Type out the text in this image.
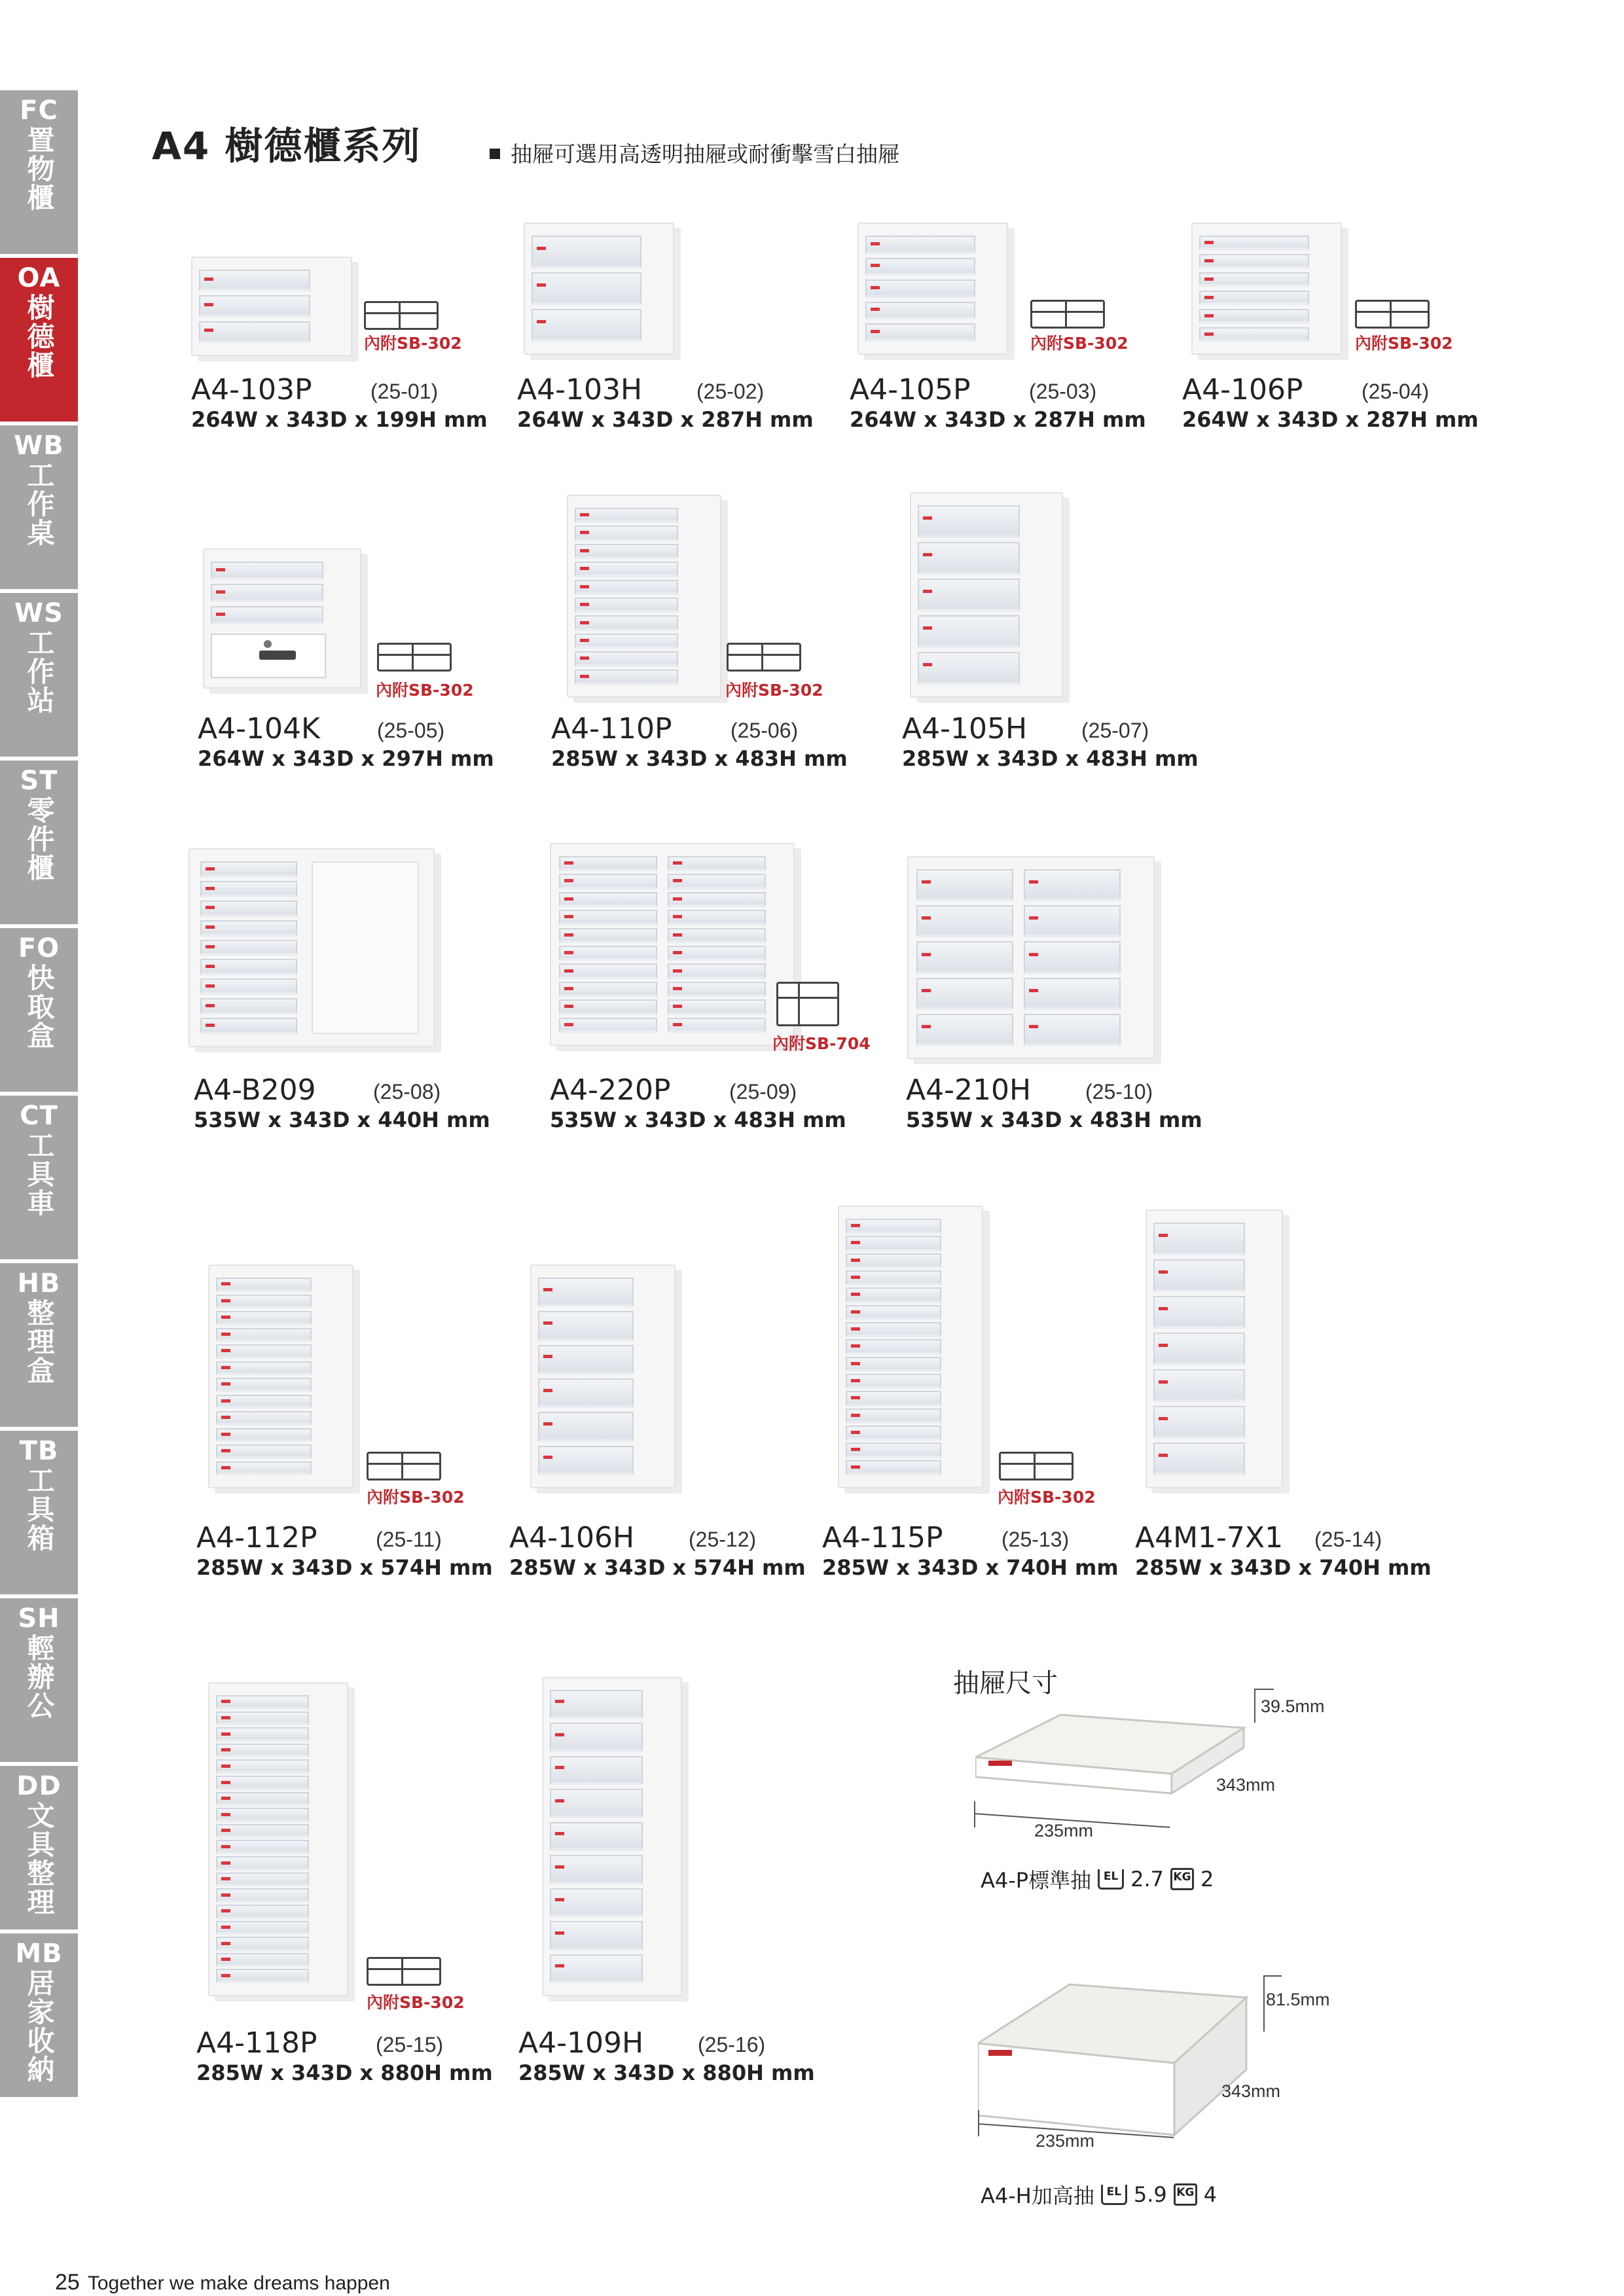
FC
置物櫃
OA
樹德櫃
WB
工作桌
WS
工作站
ST
零件櫃
FO
快取盒
CT
工具車
HB
整理盒
TB
工具箱
SH
輕辦公
DD
文具整理
MB
居家收納
A4 樹德櫃系列	抽屜可選用高透明抽屜或耐衝擊雪白抽屜
內附SB-302
A4-103P	(25-01)
264W x 343D x 199H mm
A4-103H	(25-02)
264W x 343D x 287H mm
內附SB-302
A4-105P	(25-03)
264W x 343D x 287H mm
內附SB-302
A4-106P	(25-04)
264W x 343D x 287H mm
內附SB-302
A4-104K	(25-05)
264W x 343D x 297H mm
內附SB-302
A4-110P	(25-06)
285W x 343D x 483H mm
A4-105H	(25-07)
285W x 343D x 483H mm
A4-B209	(25-08)
535W x 343D x 440H mm
內附SB-704
A4-220P	(25-09)
535W x 343D x 483H mm
A4-210H	(25-10)
535W x 343D x 483H mm
內附SB-302
A4-112P	(25-11)
285W x 343D x 574H mm
A4-106H	(25-12)
285W x 343D x 574H mm
內附SB-302
A4-115P	(25-13)
285W x 343D x 740H mm
A4M1-7X1 (25-14)
285W x 343D x 740H mm
內附SB-302
A4-118P	(25-15)
285W x 343D x 880H mm
A4-109H	(25-16)
285W x 343D x 880H mm
抽屜尺寸
39.5mm
343mm
235mm
A4-P標準抽	EL 2.7 KG 2
81.5mm
343mm
235mm
A4-H加高抽	EL 5.9 KG 4
25 Together we make dreams happen
